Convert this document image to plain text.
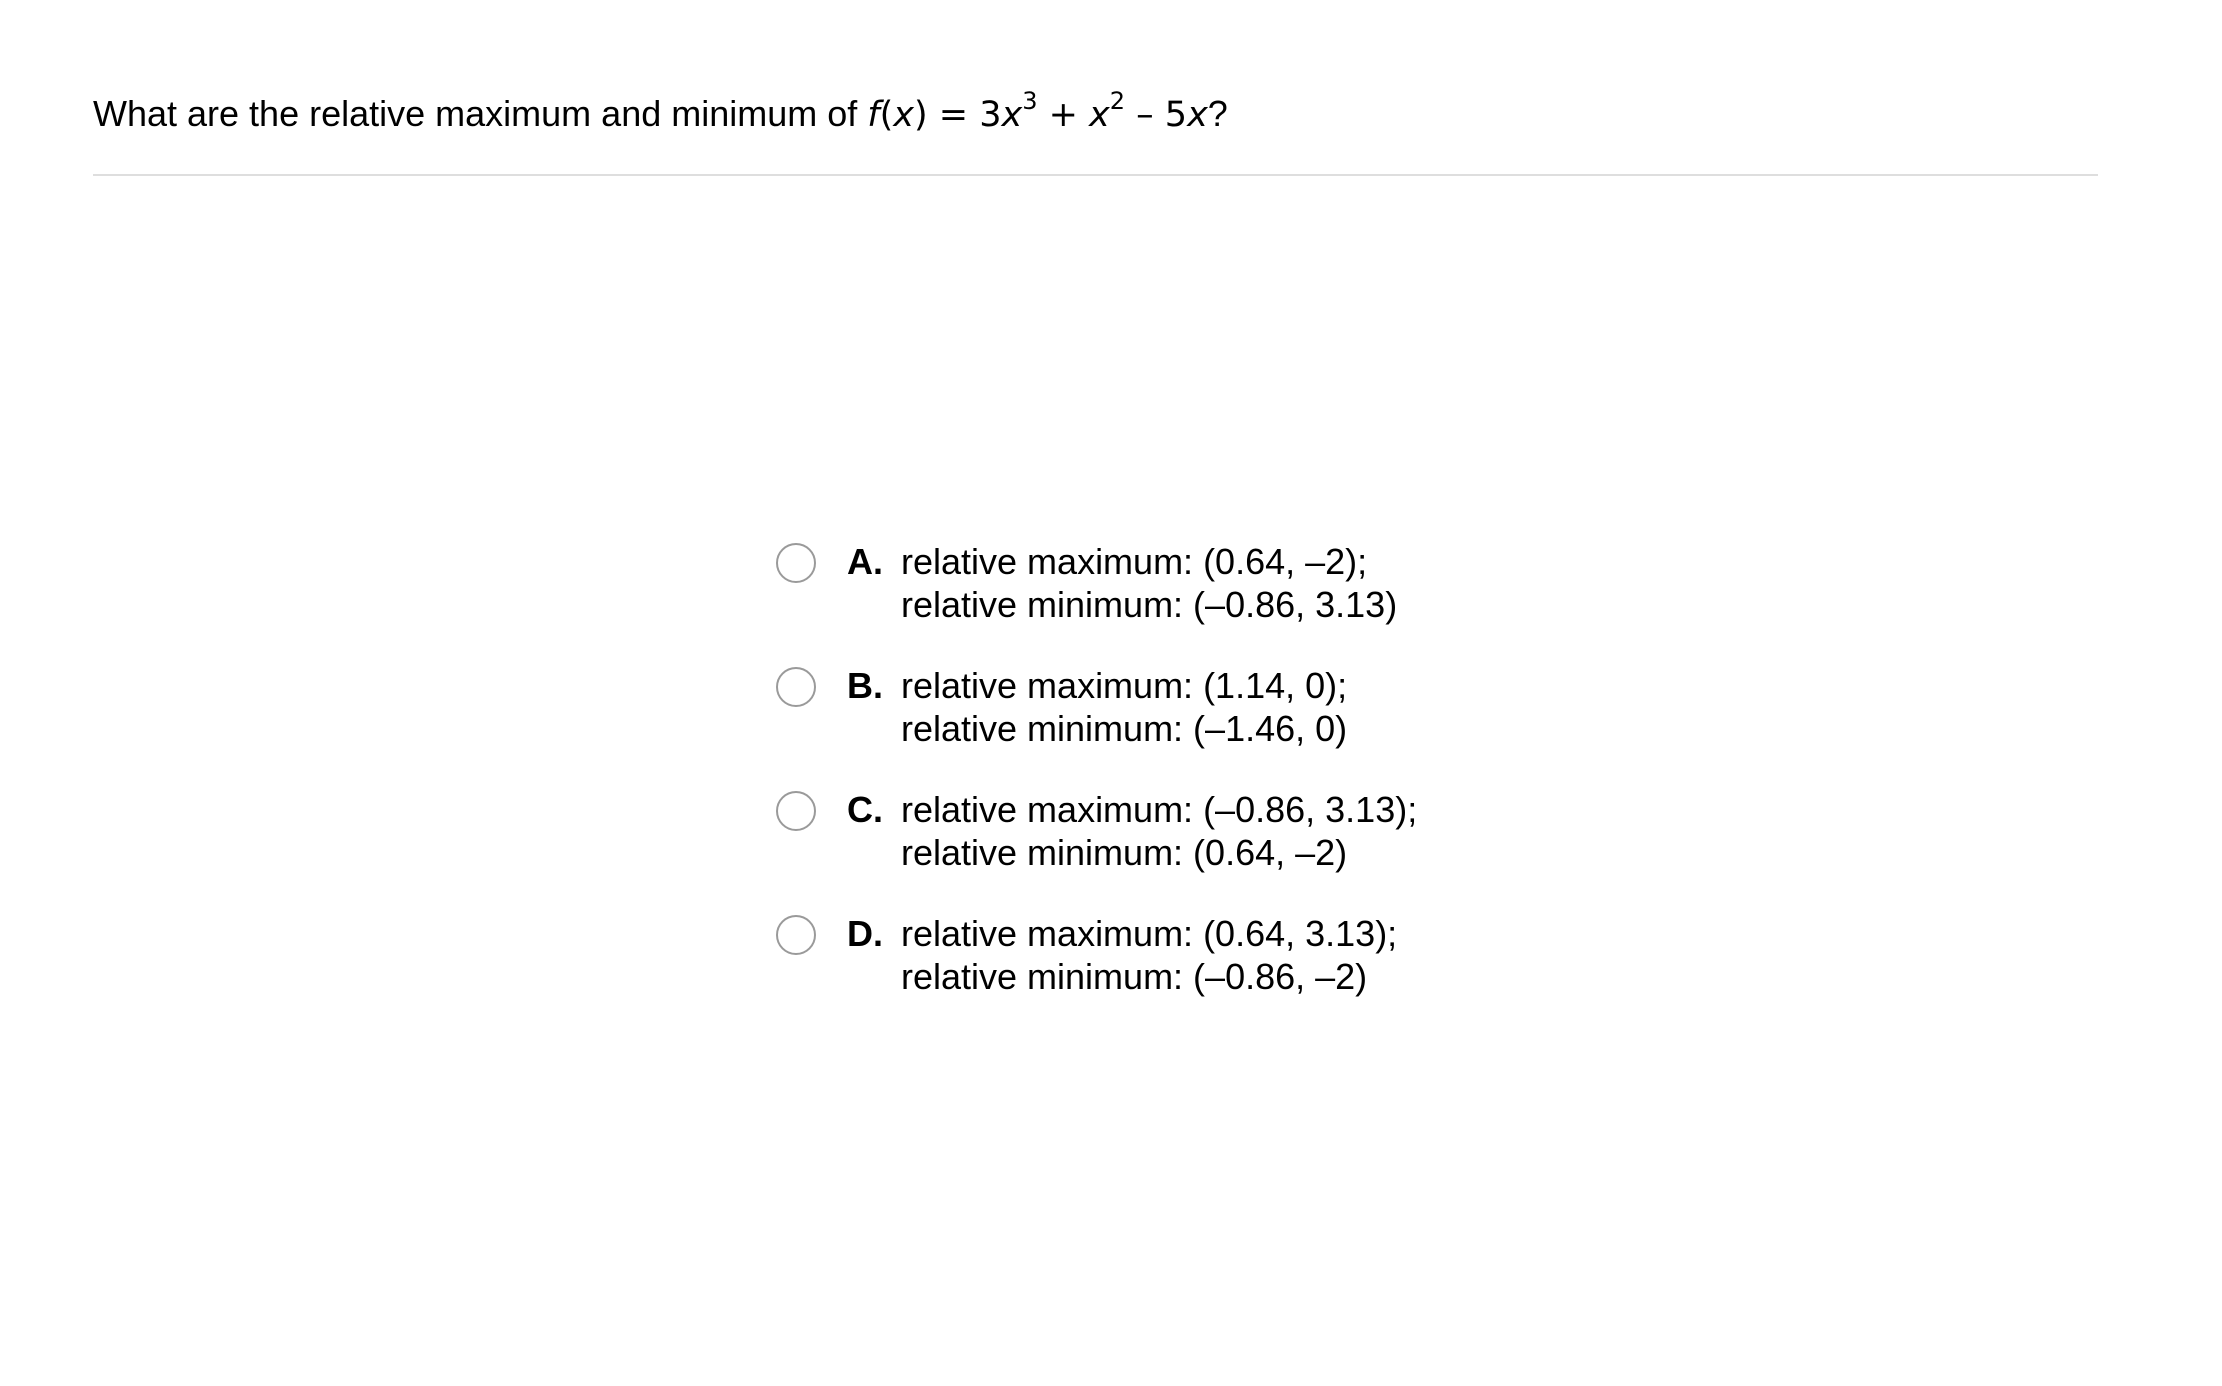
What are the relative maximum and minimum of $f(x) = 3x^3 + x^2 - 5x$?
A. relative maximum: (0.64, –2);
relative minimum: (–0.86, 3.13)
B. relative maximum: (1.14, 0);
relative minimum: (–1.46, 0)
C. relative maximum: (–0.86, 3.13);
relative minimum: (0.64, –2)
D. relative maximum: (0.64, 3.13);
relative minimum: (–0.86, –2)
